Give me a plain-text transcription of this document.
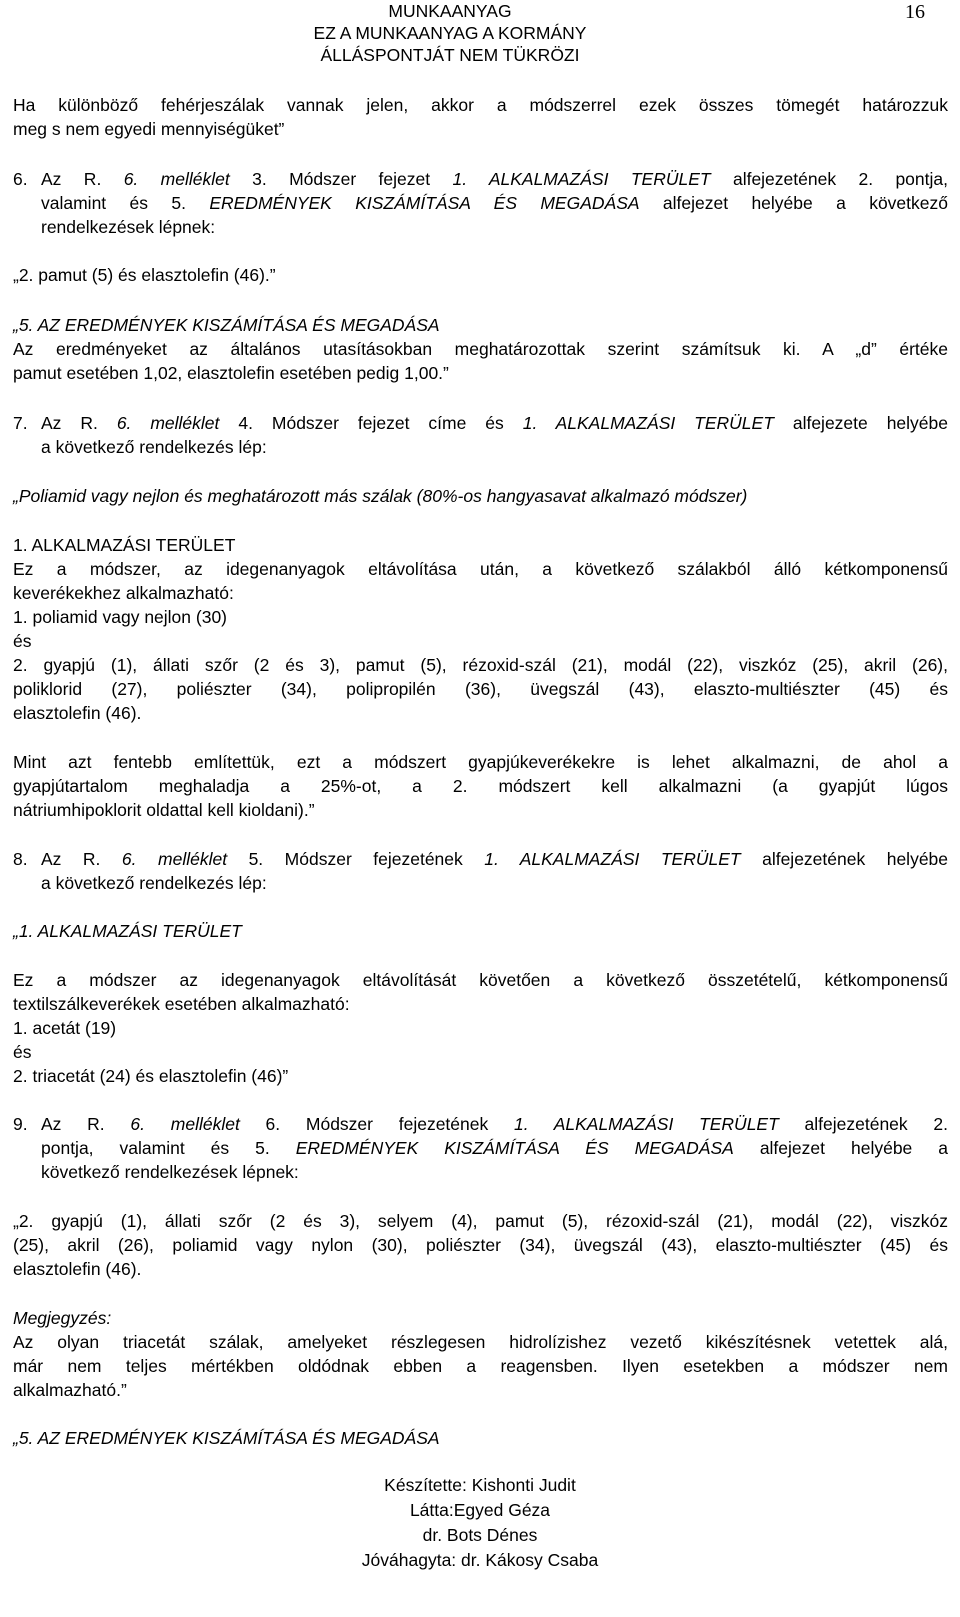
MUNKAANYAG
EZ A MUNKAANYAG A KORMÁNY
ÁLLÁSPONTJÁT NEM TÜKRÖZI
16
Ha különböző fehérjeszálak vannak jelen, akkor a módszerrel ezek összes tömegét határozzuk
meg s nem egyedi mennyiségüket”
6. Az R. 6. melléklet 3. Módszer fejezet 1. ALKALMAZÁSI TERÜLET alfejezetének 2. pontja,
valamint és 5. EREDMÉNYEK KISZÁMÍTÁSA ÉS MEGADÁSA alfejezet helyébe a következő
rendelkezések lépnek:
„2. pamut (5) és elasztolefin (46).”
„5. AZ EREDMÉNYEK KISZÁMÍTÁSA ÉS MEGADÁSA
Az eredményeket az általános utasításokban meghatározottak szerint számítsuk ki. A „d” értéke
pamut esetében 1,02, elasztolefin esetében pedig 1,00.”
7. Az R. 6. melléklet 4. Módszer fejezet címe és 1. ALKALMAZÁSI TERÜLET alfejezete helyébe
a következő rendelkezés lép:
„Poliamid vagy nejlon és meghatározott más szálak (80%-os hangyasavat alkalmazó módszer)
1. ALKALMAZÁSI TERÜLET
Ez a módszer, az idegenanyagok eltávolítása után, a következő szálakból álló kétkomponensű
keverékekhez alkalmazható:
1. poliamid vagy nejlon (30)
és
2. gyapjú (1), állati szőr (2 és 3), pamut (5), rézoxid-szál (21), modál (22), viszkóz (25), akril (26),
poliklorid (27), poliészter (34), polipropilén (36), üvegszál (43), elaszto-multiészter (45) és
elasztolefin (46).
Mint azt fentebb említettük, ezt a módszert gyapjúkeverékekre is lehet alkalmazni, de ahol a
gyapjútartalom meghaladja a 25%-ot, a 2. módszert kell alkalmazni (a gyapjút lúgos
nátriumhipoklorit oldattal kell kioldani).”
8. Az R. 6. melléklet 5. Módszer fejezetének 1. ALKALMAZÁSI TERÜLET alfejezetének helyébe
a következő rendelkezés lép:
„1. ALKALMAZÁSI TERÜLET
Ez a módszer az idegenanyagok eltávolítását követően a következő összetételű, kétkomponensű
textilszálkeverékek esetében alkalmazható:
1. acetát (19)
és
2. triacetát (24) és elasztolefin (46)”
9. Az R. 6. melléklet 6. Módszer fejezetének 1. ALKALMAZÁSI TERÜLET alfejezetének 2.
pontja, valamint és 5. EREDMÉNYEK KISZÁMÍTÁSA ÉS MEGADÁSA alfejezet helyébe a
következő rendelkezések lépnek:
„2. gyapjú (1), állati szőr (2 és 3), selyem (4), pamut (5), rézoxid-szál (21), modál (22), viszkóz
(25), akril (26), poliamid vagy nylon (30), poliészter (34), üvegszál (43), elaszto-multiészter (45) és
elasztolefin (46).
Megjegyzés:
Az olyan triacetát szálak, amelyeket részlegesen hidrolízishez vezető kikészítésnek vetettek alá,
már nem teljes mértékben oldódnak ebben a reagensben. Ilyen esetekben a módszer nem
alkalmazható.”
„5. AZ EREDMÉNYEK KISZÁMÍTÁSA ÉS MEGADÁSA
Készítette: Kishonti Judit
Látta:Egyed Géza
dr. Bots Dénes
Jóváhagyta: dr. Kákosy Csaba
